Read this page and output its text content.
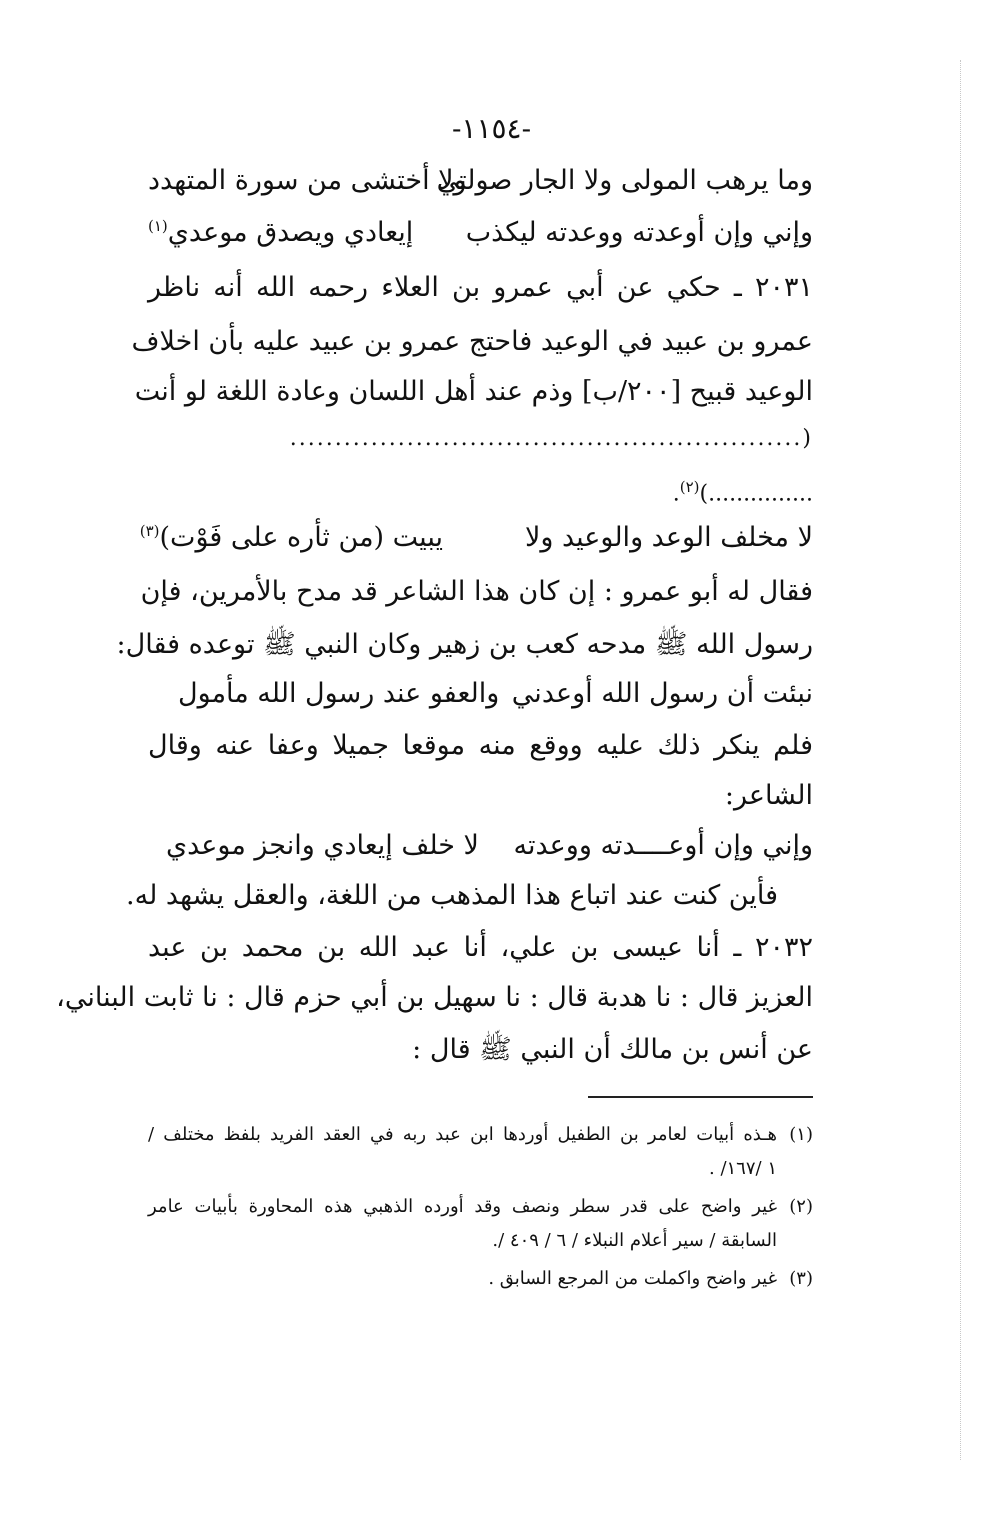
-١١٥٤-
وما يرهب المولى ولا الجار صولتي
ولا أختشى من سورة المتهدد
وإني وإن أوعدته ووعدته ليكذب
إيعادي ويصدق موعدي$^{(١)}$
٢٠٣١ ـ حكي عن أبي عمرو بن العلاء رحمه الله أنه ناظر
عمرو بن عبيد في الوعيد فاحتج عمرو بن عبيد عليه بأن اخلاف
الوعيد قبيح [٢٠٠/ب] وذم عند أهل اللسان وعادة اللغة لو أنت
(.........................................................
...............)$^{(٢)}$.
لا مخلف الوعد والوعيد ولا
يبيت (من ثأره على فَوْت)$^{(٣)}$
فقال له أبو عمرو : إن كان هذا الشاعر قد مدح بالأمرين، فإن
رسول الله ﷺ مدحه كعب بن زهير وكان النبي ﷺ توعده فقال:
نبئت أن رسول الله أوعدني
والعفو عند رسول الله مأمول
فلم ينكر ذلك عليه ووقع منه موقعا جميلا وعفا عنه وقال
الشاعر:
وإني وإن أوعــــدته ووعدته
لا خلف إيعادي وانجز موعدي
فأين كنت عند اتباع هذا المذهب من اللغة، والعقل يشهد له.
٢٠٣٢ ـ أنا عيسى بن علي، أنا عبد الله بن محمد بن عبد
العزيز قال : نا هدبة قال : نا سهيل بن أبي حزم قال : نا ثابت البناني،
عن أنس بن مالك أن النبي ﷺ قال :
(١)
هـذه أبيات لعامر بن الطفيل أوردها ابن عبد ربه في العقد الفريد بلفظ مختلف /
١ /١٦٧/ .
(٢)
غير واضح على قدر سطر ونصف وقد أورده الذهبي هذه المحاورة بأبيات عامر
السابقة / سير أعلام النبلاء / ٦ / ٤٠٩ /.
(٣)
غير واضح واكملت من المرجع السابق .
